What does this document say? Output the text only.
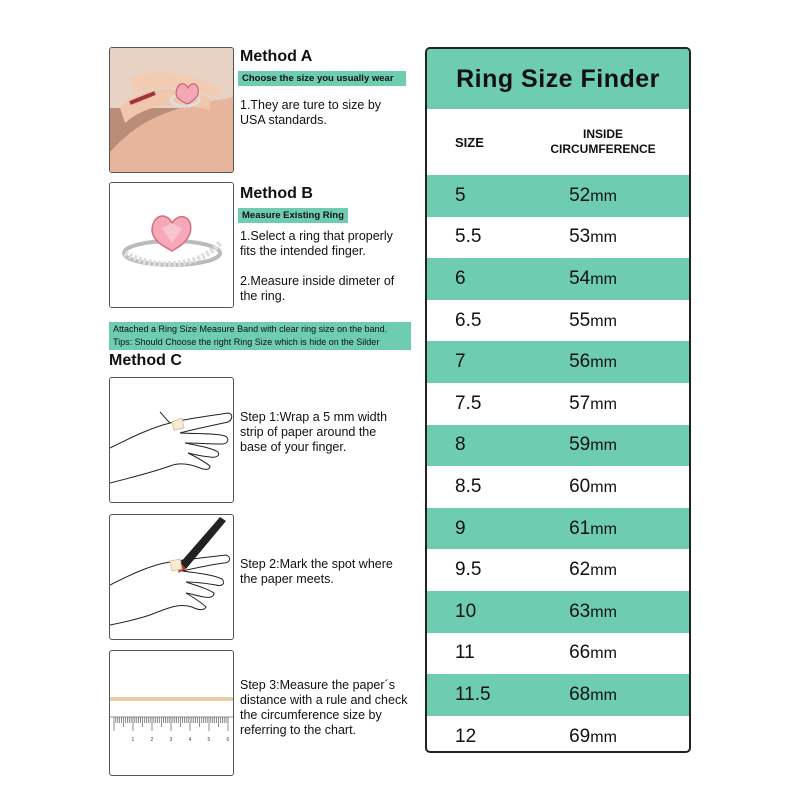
Method A
Choose the size you usually wear
1.They are ture to size by USA standards.
Method B
Measure Existing Ring
1.Select a ring that properly fits the intended finger.
2.Measure inside dimeter of the ring.
Attached a Ring Size Measure Band with clear ring size on the band.
Tips: Should Choose the right Ring Size which is hide on the Silder
Method C
Step 1:Wrap a 5 mm width strip of paper around the base of your finger.
Step 2:Mark the spot where the paper meets.
1	2	3	4	5	6
Step 3:Measure the paper´s distance with a rule and check the circumference size by referring to the chart.
Ring Size Finder
SIZE
INSIDE
CIRCUMFERENCE
5	52mm
5.5	53mm
6	54mm
6.5	55mm
7	56mm
7.5	57mm
8	59mm
8.5	60mm
9	61mm
9.5	62mm
10	63mm
11	66mm
11.5	68mm
12	69mm
